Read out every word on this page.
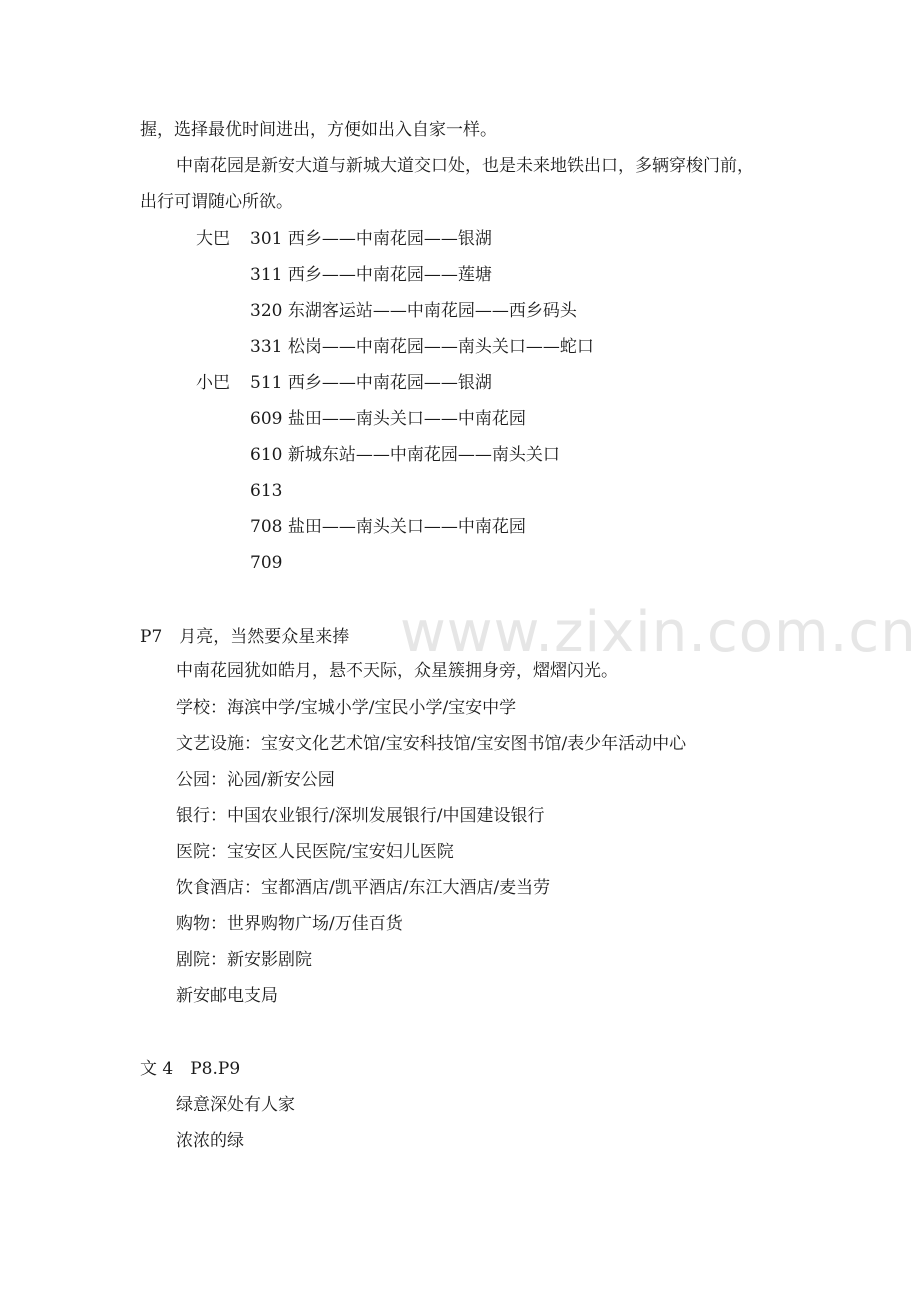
www.zixin.com.cn
握，选择最优时间进出，方便如出入自家一样。
中南花园是新安大道与新城大道交口处，也是未来地铁出口，多辆穿梭门前，
出行可谓随心所欲。
大巴 301 西乡——中南花园——银湖
311 西乡——中南花园——莲塘
320 东湖客运站——中南花园——西乡码头
331 松岗——中南花园——南头关口——蛇口
小巴 511 西乡——中南花园——银湖
609 盐田——南头关口——中南花园
610 新城东站——中南花园——南头关口
613
708 盐田——南头关口——中南花园
709
P7　月亮，当然要众星来捧
中南花园犹如皓月，悬不天际，众星簇拥身旁，熠熠闪光。
学校：海滨中学/宝城小学/宝民小学/宝安中学
文艺设施：宝安文化艺术馆/宝安科技馆/宝安图书馆/表少年活动中心
公园：沁园/新安公园
银行：中国农业银行/深圳发展银行/中国建设银行
医院：宝安区人民医院/宝安妇儿医院
饮食酒店：宝都酒店/凯平酒店/东江大酒店/麦当劳
购物：世界购物广场/万佳百货
剧院：新安影剧院
新安邮电支局
文 4　P8.P9
绿意深处有人家
浓浓的绿
